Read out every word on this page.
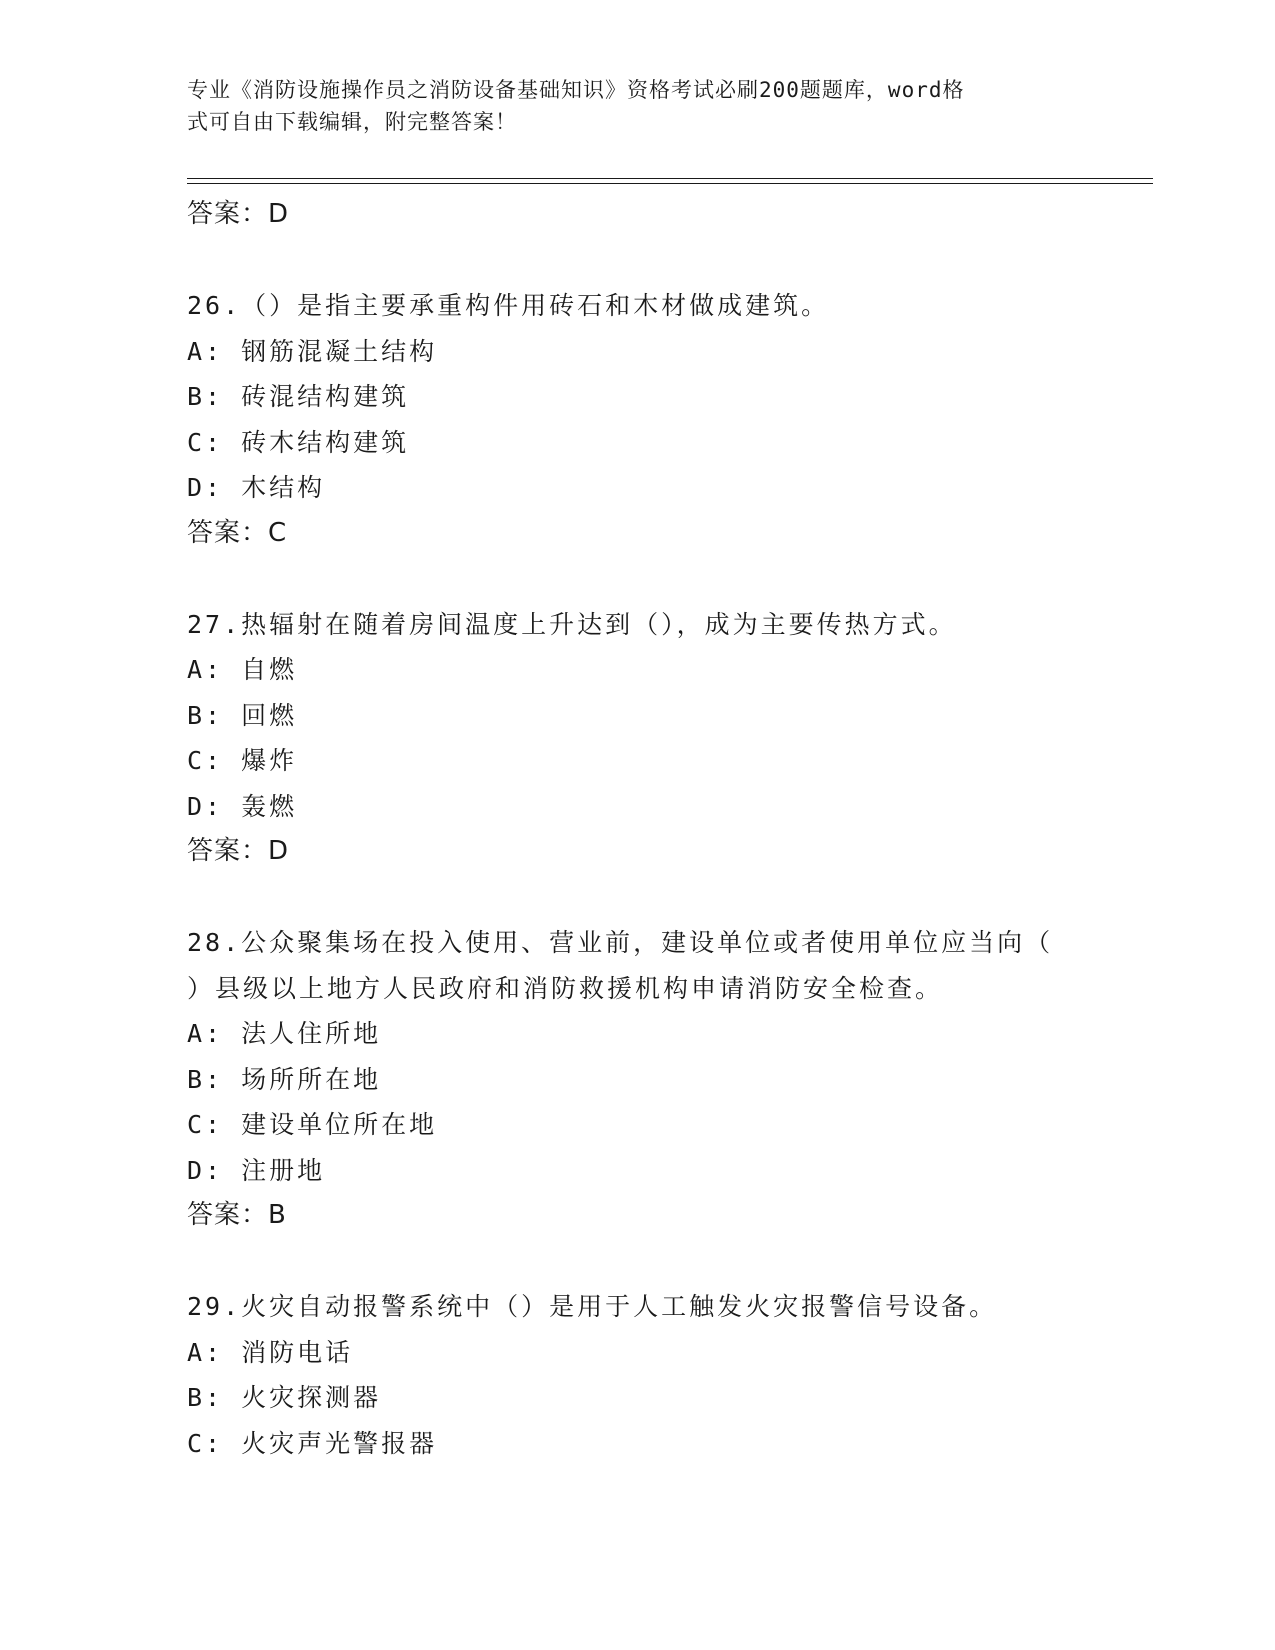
专业《消防设施操作员之消防设备基础知识》资格考试必刷200题题库，word格
式可自由下载编辑，附完整答案！
答案：D
26.（）是指主要承重构件用砖石和木材做成建筑。
A: 钢筋混凝土结构
B: 砖混结构建筑
C: 砖木结构建筑
D: 木结构
答案：C
27.热辐射在随着房间温度上升达到（），成为主要传热方式。
A: 自燃
B: 回燃
C: 爆炸
D: 轰燃
答案：D
28.公众聚集场在投入使用、营业前，建设单位或者使用单位应当向（
）县级以上地方人民政府和消防救援机构申请消防安全检查。
A: 法人住所地
B: 场所所在地
C: 建设单位所在地
D: 注册地
答案：B
29.火灾自动报警系统中（）是用于人工触发火灾报警信号设备。
A: 消防电话
B: 火灾探测器
C: 火灾声光警报器
